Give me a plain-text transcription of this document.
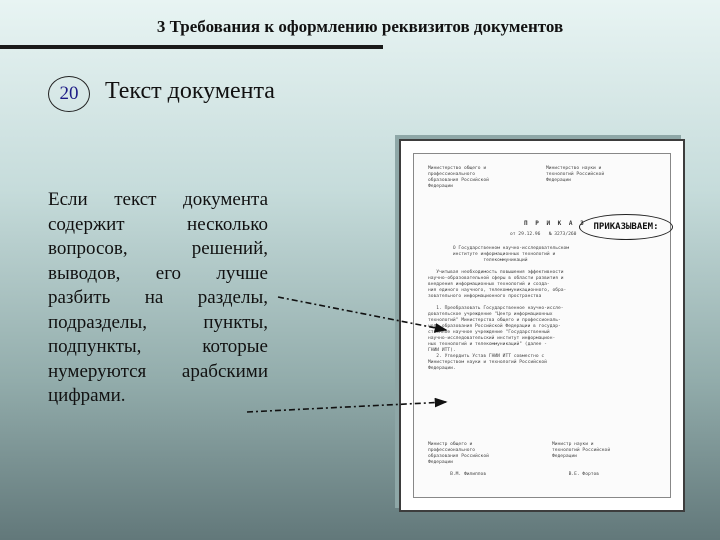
3 Требования к оформлению реквизитов документов
20	Текст документа
Если текст документа содержит несколько вопросов, решений, выводов, его лучше разбить на разделы, подразделы, пункты, подпункты, которые нумеруются арабскими цифрами.
Министерство общего и
профессионального
образования Российской
Федерации
Министерство науки и
технологий Российской
Федерации
П Р И К А З
от 29.12.96   № 3273/260
ПРИКАЗЫВАЕМ:
О Государственном научно-исследовательском
институте информационных технологий и
телекоммуникаций

Учитывая необходимость повышения эффективности
научно-образовательной сферы в области развития и
внедрения информационных технологий и созда-
ния единого научного, телекоммуникационного, обра-
зовательного информационного пространства

1. Преобразовать Государственное научно-иссле-
довательское учреждение "Центр информационных
технологий" Министерства общего и профессиональ-
ного образования Российской Федерации в государ-
ственное научное учреждение "Государственный
научно-исследовательский институт информацион-
ных технологий и телекоммуникаций" (далее -
ГНИИ ИТТ).
2. Утвердить Устав ГНИИ ИТТ совместно с
Министерством науки и технологий Российской
Федерации.
Министр общего и
профессионального
образования Российской
Федерации

В.М. Филиппов
Министр науки и
технологий Российской
Федерации

В.Е. Фортов
